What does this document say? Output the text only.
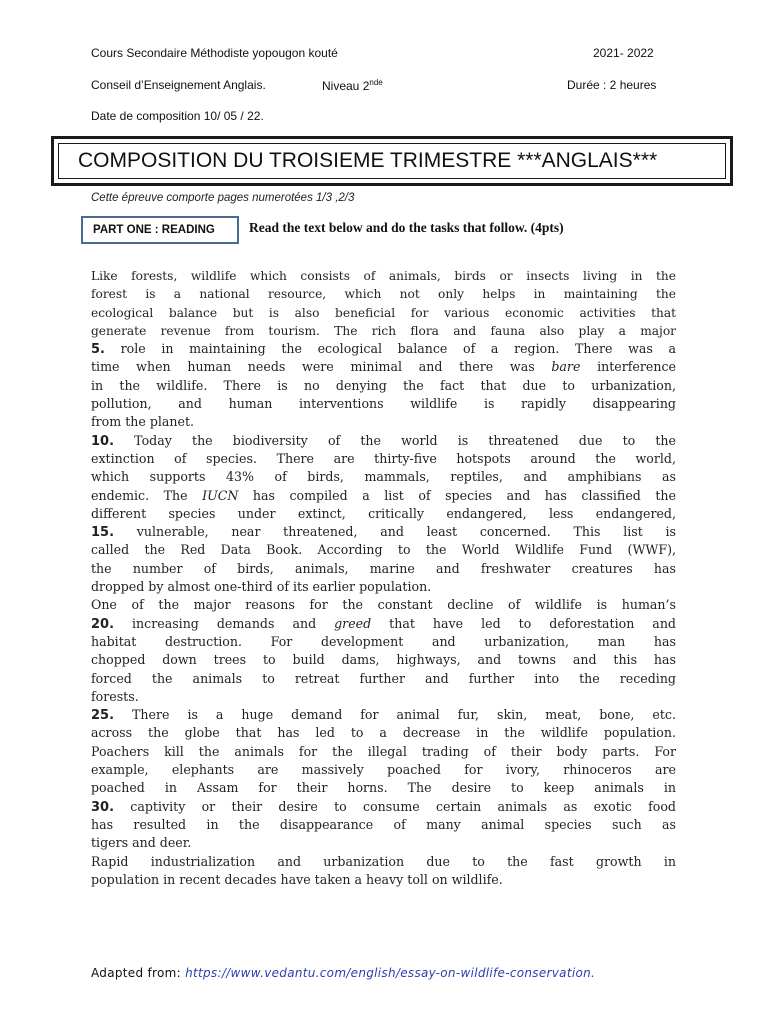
Cours Secondaire Méthodiste yopougon kouté	2021- 2022
Conseil d’Enseignement Anglais.	Niveau 2nde	Durée : 2 heures
Date de composition 10/ 05 / 22.
COMPOSITION DU TROISIEME TRIMESTRE ***ANGLAIS***
Cette épreuve comporte pages numerotées 1/3 ,2/3
PART ONE : READING	Read the text below and do the tasks that follow. (4pts)
Like forests, wildlife which consists of animals, birds or insects living in the
forest is a national resource, which not only helps in maintaining the
ecological balance but is also beneficial for various economic activities that
generate revenue from tourism. The rich flora and fauna also play a major
5. role in maintaining the ecological balance of a region. There was a
time when human needs were minimal and there was bare interference
in the wildlife. There is no denying the fact that due to urbanization,
pollution, and human interventions wildlife is rapidly disappearing
from the planet.
10. Today the biodiversity of the world is threatened due to the
extinction of species. There are thirty-five hotspots around the world,
which supports 43% of birds, mammals, reptiles, and amphibians as
endemic. The IUCN has compiled a list of species and has classified the
different species under extinct, critically endangered, less endangered,
15. vulnerable, near threatened, and least concerned. This list is
called the Red Data Book. According to the World Wildlife Fund (WWF),
the number of birds, animals, marine and freshwater creatures has
dropped by almost one-third of its earlier population.
One of the major reasons for the constant decline of wildlife is human’s
20. increasing demands and greed that have led to deforestation and
habitat destruction. For development and urbanization, man has
chopped down trees to build dams, highways, and towns and this has
forced the animals to retreat further and further into the receding
forests.
25. There is a huge demand for animal fur, skin, meat, bone, etc.
across the globe that has led to a decrease in the wildlife population.
Poachers kill the animals for the illegal trading of their body parts. For
example, elephants are massively poached for ivory, rhinoceros are
poached in Assam for their horns. The desire to keep animals in
30. captivity or their desire to consume certain animals as exotic food
has resulted in the disappearance of many animal species such as
tigers and deer.
Rapid industrialization and urbanization due to the fast growth in
population in recent decades have taken a heavy toll on wildlife.
Adapted from: https://www.vedantu.com/english/essay-on-wildlife-conservation.
